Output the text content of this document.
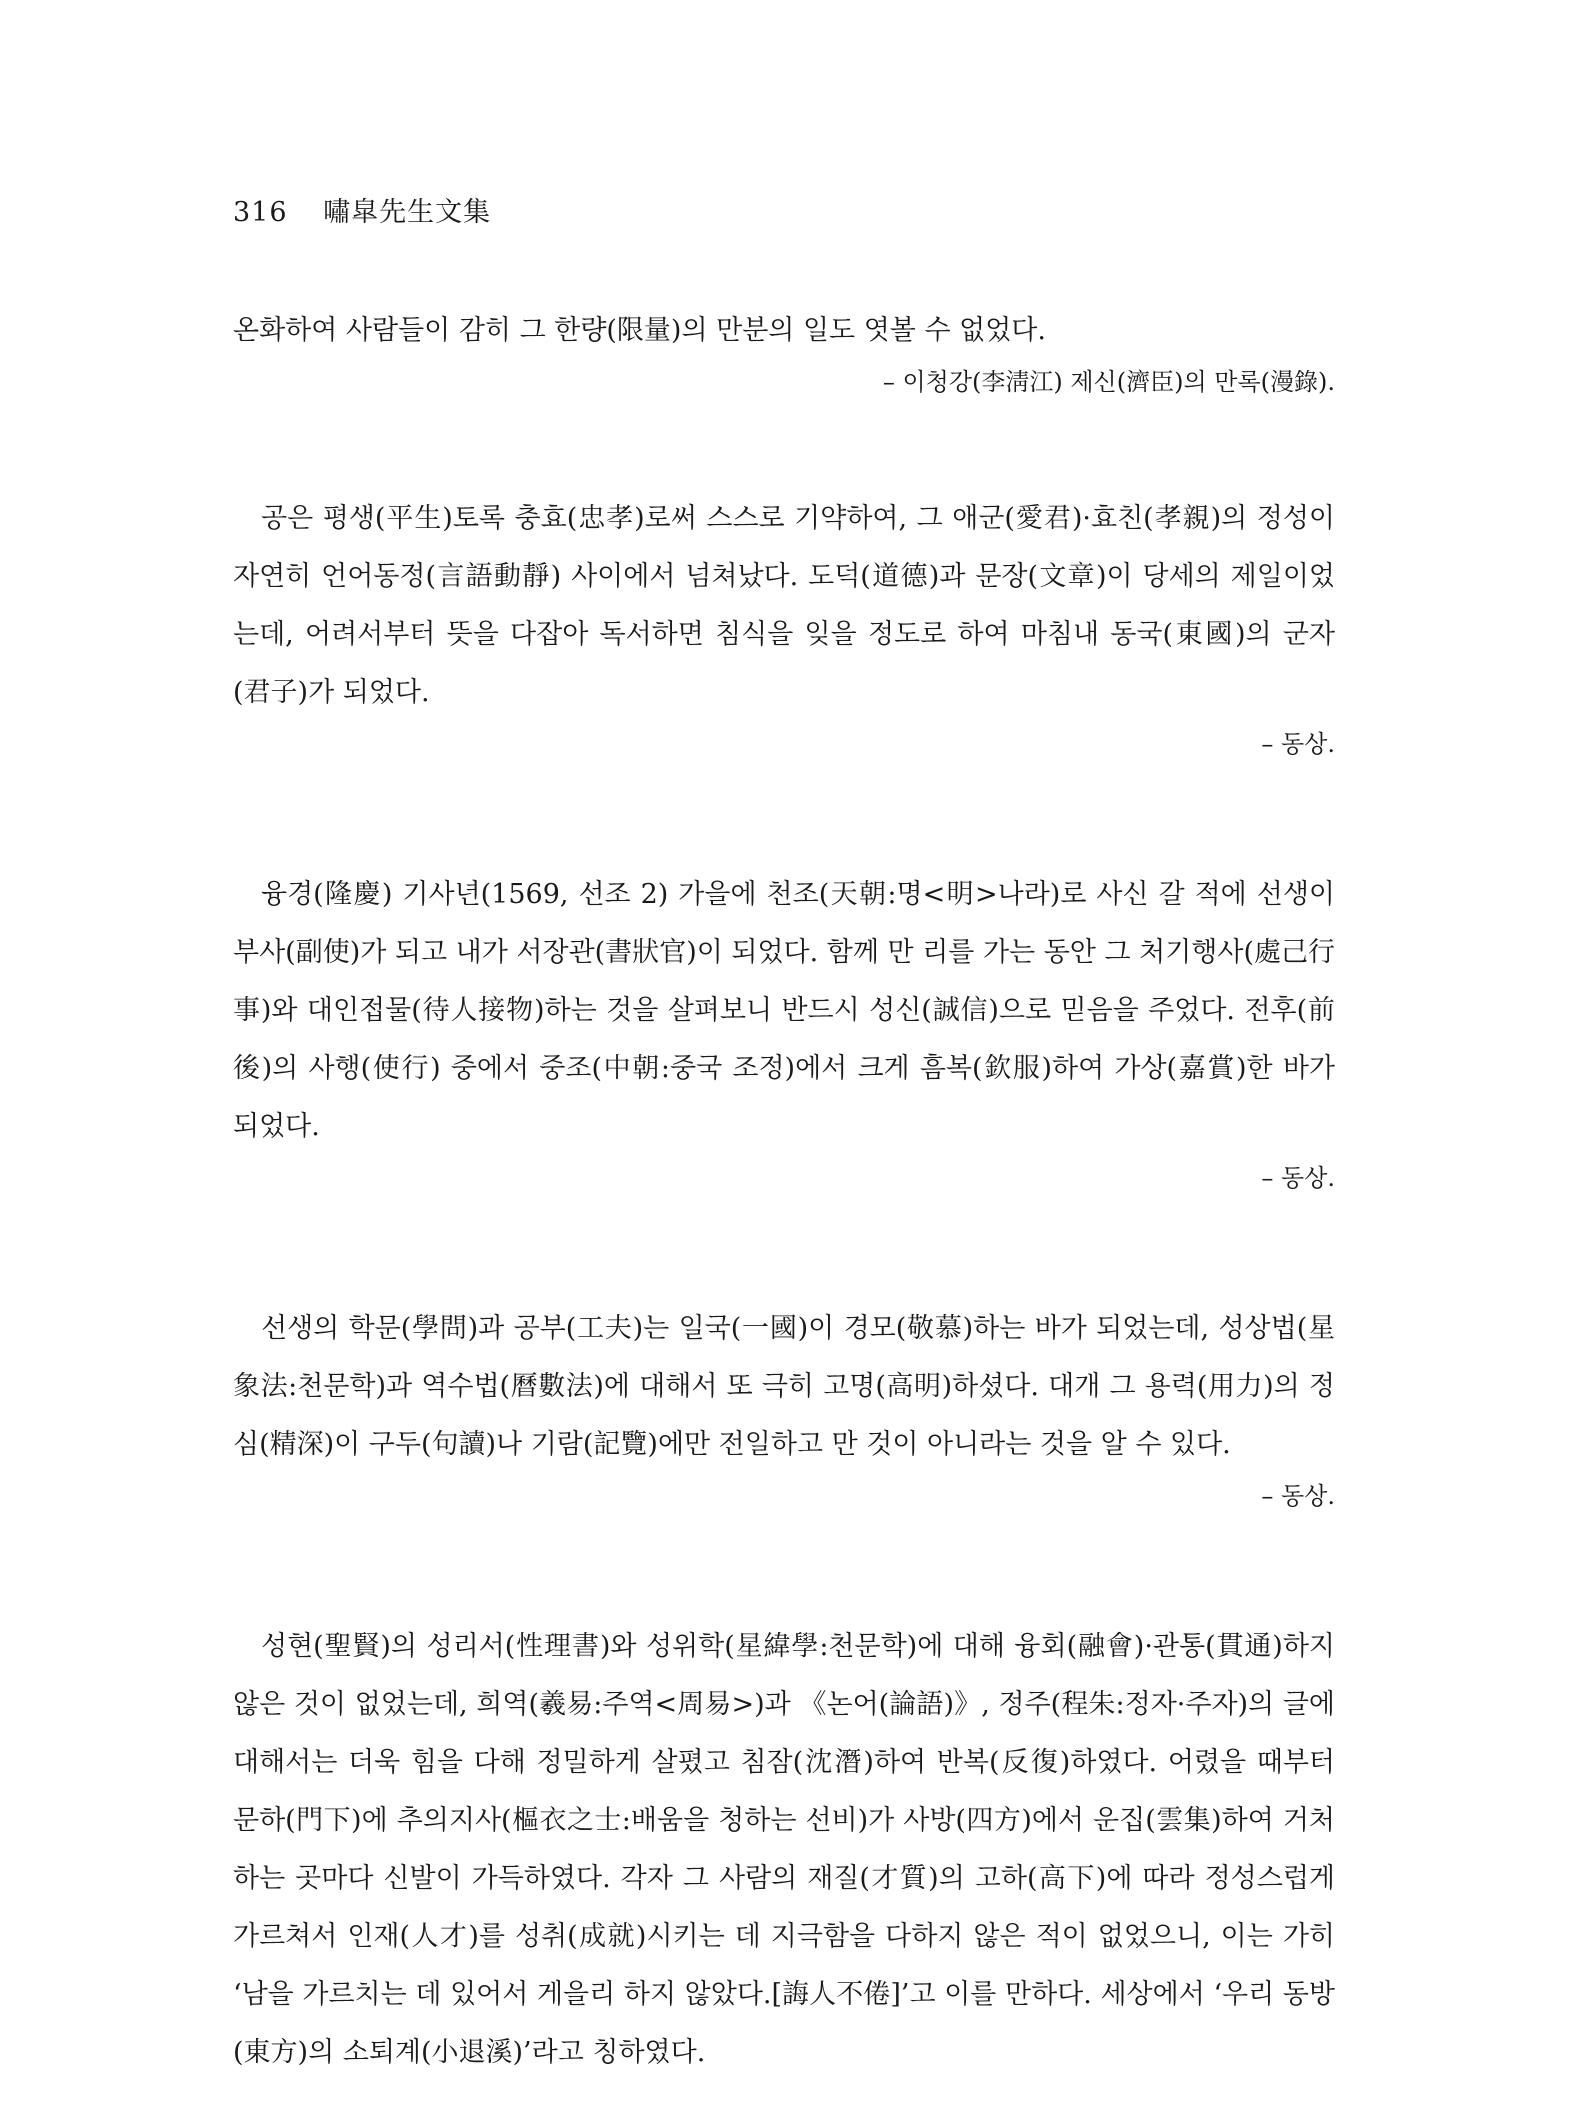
316 嘯皐先生文集

온화하여 사람들이 감히 그 한량(限量)의 만분의 일도 엿볼 수 없었다.

– 이청강(李淸江) 제신(濟臣)의 만록(漫錄).

공은 평생(平生)토록 충효(忠孝)로써 스스로 기약하여, 그 애군(愛君)·효친(孝親)의 정성이 자연히 언어동정(言語動靜) 사이에서 넘쳐났다. 도덕(道德)과 문장(文章)이 당세의 제일이었는데, 어려서부터 뜻을 다잡아 독서하면 침식을 잊을 정도로 하여 마침내 동국(東國)의 군자(君子)가 되었다.

– 동상.

융경(隆慶) 기사년(1569, 선조 2) 가을에 천조(天朝:명<明>나라)로 사신 갈 적에 선생이 부사(副使)가 되고 내가 서장관(書狀官)이 되었다. 함께 만 리를 가는 동안 그 처기행사(處己行事)와 대인접물(待人接物)하는 것을 살펴보니 반드시 성신(誠信)으로 믿음을 주었다. 전후(前後)의 사행(使行) 중에서 중조(中朝:중국 조정)에서 크게 흠복(欽服)하여 가상(嘉賞)한 바가 되었다.

– 동상.

선생의 학문(學問)과 공부(工夫)는 일국(一國)이 경모(敬慕)하는 바가 되었는데, 성상법(星象法:천문학)과 역수법(曆數法)에 대해서 또 극히 고명(高明)하셨다. 대개 그 용력(用力)의 정심(精深)이 구두(句讀)나 기람(記覽)에만 전일하고 만 것이 아니라는 것을 알 수 있다.

– 동상.

성현(聖賢)의 성리서(性理書)와 성위학(星緯學:천문학)에 대해 융회(融會)·관통(貫通)하지 않은 것이 없었는데, 희역(羲易:주역<周易>)과 《논어(論語)》, 정주(程朱:정자·주자)의 글에 대해서는 더욱 힘을 다해 정밀하게 살폈고 침잠(沈潛)하여 반복(反復)하였다. 어렸을 때부터 문하(門下)에 추의지사(樞衣之士:배움을 청하는 선비)가 사방(四方)에서 운집(雲集)하여 거처하는 곳마다 신발이 가득하였다. 각자 그 사람의 재질(才質)의 고하(高下)에 따라 정성스럽게 가르쳐서 인재(人才)를 성취(成就)시키는 데 지극함을 다하지 않은 적이 없었으니, 이는 가히 ‘남을 가르치는 데 있어서 게을리 하지 않았다.[誨人不倦]’고 이를 만하다. 세상에서 ‘우리 동방(東方)의 소퇴계(小退溪)’라고 칭하였다.
